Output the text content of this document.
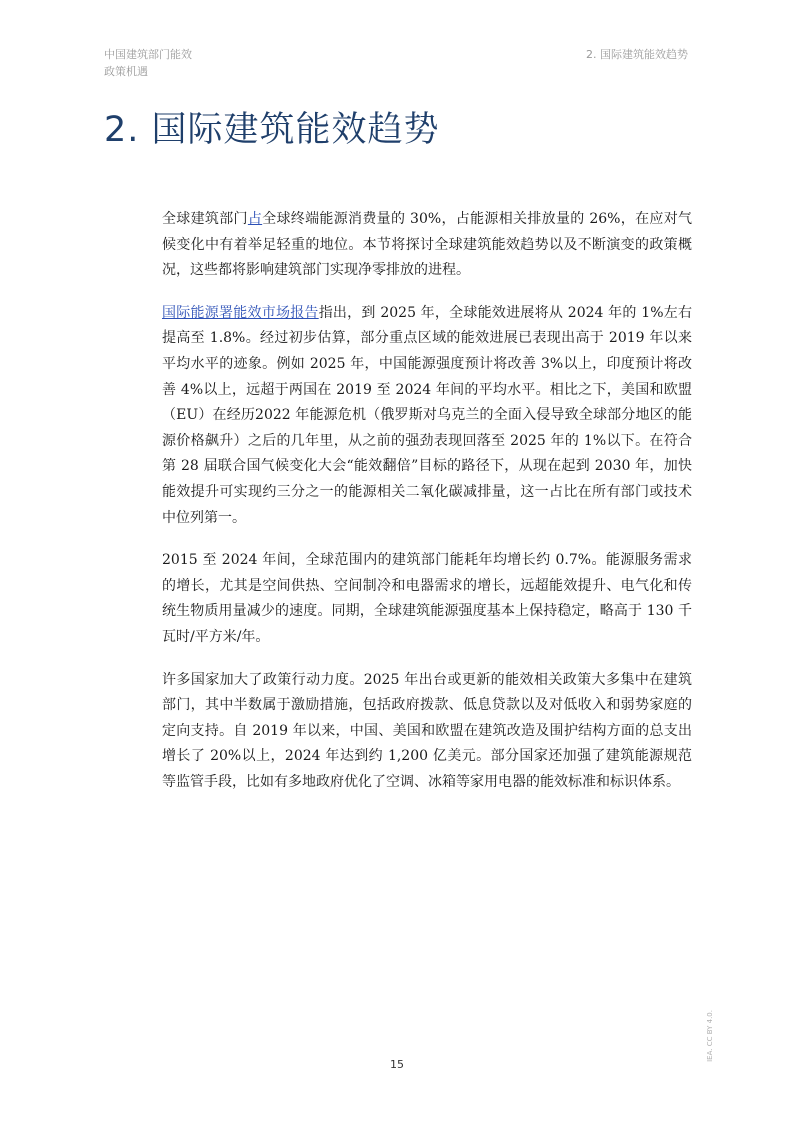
中国建筑部门能效
政策机遇
2. 国际建筑能效趋势
2. 国际建筑能效趋势

全球建筑部门占全球终端能源消费量的 30%，占能源相关排放量的 26%，在应对气候变化中有着举足轻重的地位。本节将探讨全球建筑能效趋势以及不断演变的政策概况，这些都将影响建筑部门实现净零排放的进程。

国际能源署能效市场报告指出，到 2025 年，全球能效进展将从 2024 年的 1%左右提高至 1.8%。经过初步估算，部分重点区域的能效进展已表现出高于 2019 年以来平均水平的迹象。例如 2025 年，中国能源强度预计将改善 3%以上，印度预计将改善 4%以上，远超于两国在 2019 至 2024 年间的平均水平。相比之下，美国和欧盟（EU）在经历2022 年能源危机（俄罗斯对乌克兰的全面入侵导致全球部分地区的能源价格飙升）之后的几年里，从之前的强劲表现回落至 2025 年的 1%以下。在符合第 28 届联合国气候变化大会“能效翻倍”目标的路径下，从现在起到 2030 年，加快能效提升可实现约三分之一的能源相关二氧化碳减排量，这一占比在所有部门或技术中位列第一。

2015 至 2024 年间，全球范围内的建筑部门能耗年均增长约 0.7%。能源服务需求的增长，尤其是空间供热、空间制冷和电器需求的增长，远超能效提升、电气化和传统生物质用量减少的速度。同期，全球建筑能源强度基本上保持稳定，略高于 130 千瓦时/平方米/年。

许多国家加大了政策行动力度。2025 年出台或更新的能效相关政策大多集中在建筑部门，其中半数属于激励措施，包括政府拨款、低息贷款以及对低收入和弱势家庭的定向支持。自 2019 年以来，中国、美国和欧盟在建筑改造及围护结构方面的总支出增长了 20%以上，2024 年达到约 1,200 亿美元。部分国家还加强了建筑能源规范等监管手段，比如有多地政府优化了空调、冰箱等家用电器的能效标准和标识体系。

15
IEA. CC BY 4.0.
